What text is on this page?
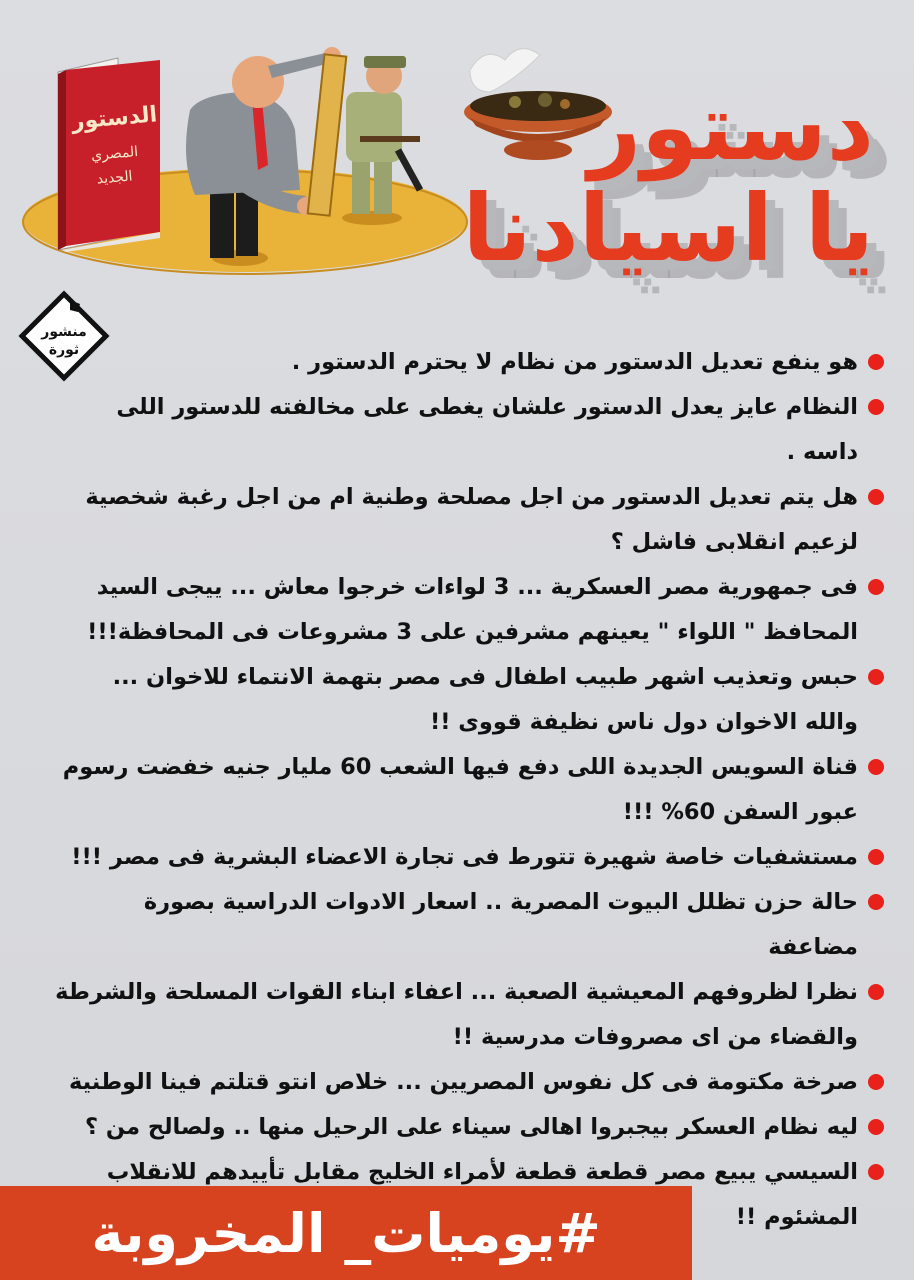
الدستور
المصري
الجديد	دستور
يا اسيادنا
منشور
ثورة	هو ينفع تعديل الدستور من نظام لا يحترم الدستور .
النظام عايز يعدل الدستور علشان يغطى على مخالفته للدستور اللى داسه .
هل يتم تعديل الدستور من اجل مصلحة وطنية ام من اجل رغبة شخصية لزعيم انقلابى فاشل ؟
فى جمهورية مصر العسكرية ... 3 لواءات خرجوا معاش ... ييجى السيد المحافظ " اللواء " يعينهم مشرفين على 3 مشروعات فى المحافظة!!!
حبس وتعذيب اشهر طبيب اطفال فى مصر بتهمة الانتماء للاخوان ... والله الاخوان دول ناس نظيفة قووى !!
قناة السويس الجديدة اللى دفع فيها الشعب 60 مليار جنيه خفضت رسوم عبور السفن 60% !!!
مستشفيات خاصة شهيرة تتورط فى تجارة الاعضاء البشرية فى مصر !!!
حالة حزن تظلل البيوت المصرية .. اسعار الادوات الدراسية بصورة مضاعفة
نظرا لظروفهم المعيشية الصعبة ... اعفاء ابناء القوات المسلحة والشرطة والقضاء من اى مصروفات مدرسية !!
صرخة مكتومة فى كل نفوس المصريين ... خلاص انتو قتلتم فينا الوطنية
ليه نظام العسكر بيجبروا اهالى سيناء على الرحيل منها .. ولصالح من ؟
السيسي يبيع مصر قطعة قطعة لأمراء الخليج مقابل تأييدهم للانقلاب المشئوم !!
#يوميات_ المخروبة
